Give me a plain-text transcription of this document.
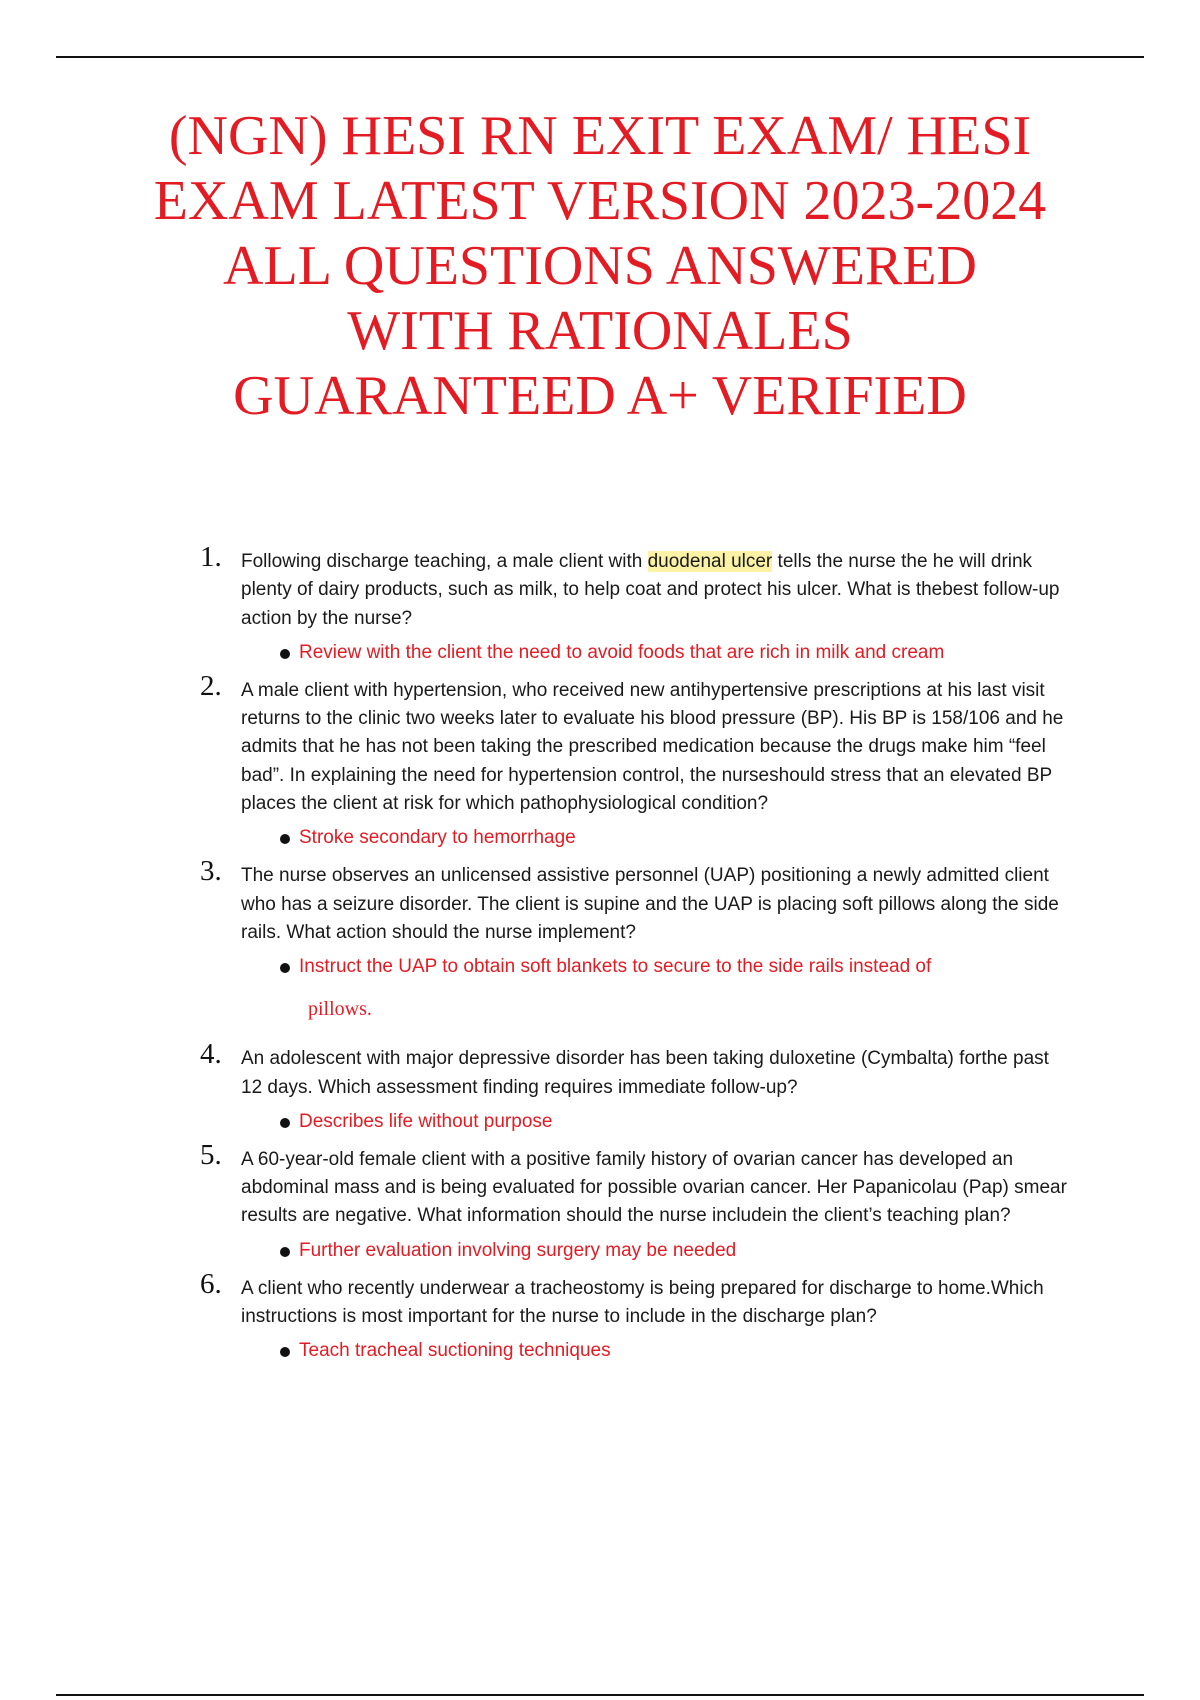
(NGN) HESI RN EXIT EXAM/ HESI
EXAM LATEST VERSION 2023-2024
ALL QUESTIONS ANSWERED
WITH RATIONALES
GUARANTEED A+ VERIFIED
1. Following discharge teaching, a male client with duodenal ulcer tells the nurse the he will drink plenty of dairy products, such as milk, to help coat and protect his ulcer. What is thebest follow-up action by the nurse?

Review with the client the need to avoid foods that are rich in milk and cream
2. A male client with hypertension, who received new antihypertensive prescriptions at his last visit returns to the clinic two weeks later to evaluate his blood pressure (BP). His BP is 158/106 and he admits that he has not been taking the prescribed medication because the drugs make him “feel bad”. In explaining the need for hypertension control, the nurseshould stress that an elevated BP places the client at risk for which pathophysiological condition?

Stroke secondary to hemorrhage
3. The nurse observes an unlicensed assistive personnel (UAP) positioning a newly admitted client who has a seizure disorder. The client is supine and the UAP is placing soft pillows along the side rails. What action should the nurse implement?

Instruct the UAP to obtain soft blankets to secure to the side rails instead of
pillows.
4. An adolescent with major depressive disorder has been taking duloxetine (Cymbalta) forthe past 12 days. Which assessment finding requires immediate follow-up?

Describes life without purpose
5. A 60-year-old female client with a positive family history of ovarian cancer has developed an abdominal mass and is being evaluated for possible ovarian cancer. Her Papanicolau (Pap) smear results are negative. What information should the nurse includein the client’s teaching plan?

Further evaluation involving surgery may be needed
6. A client who recently underwear a tracheostomy is being prepared for discharge to home.Which instructions is most important for the nurse to include in the discharge plan?

Teach tracheal suctioning techniques
